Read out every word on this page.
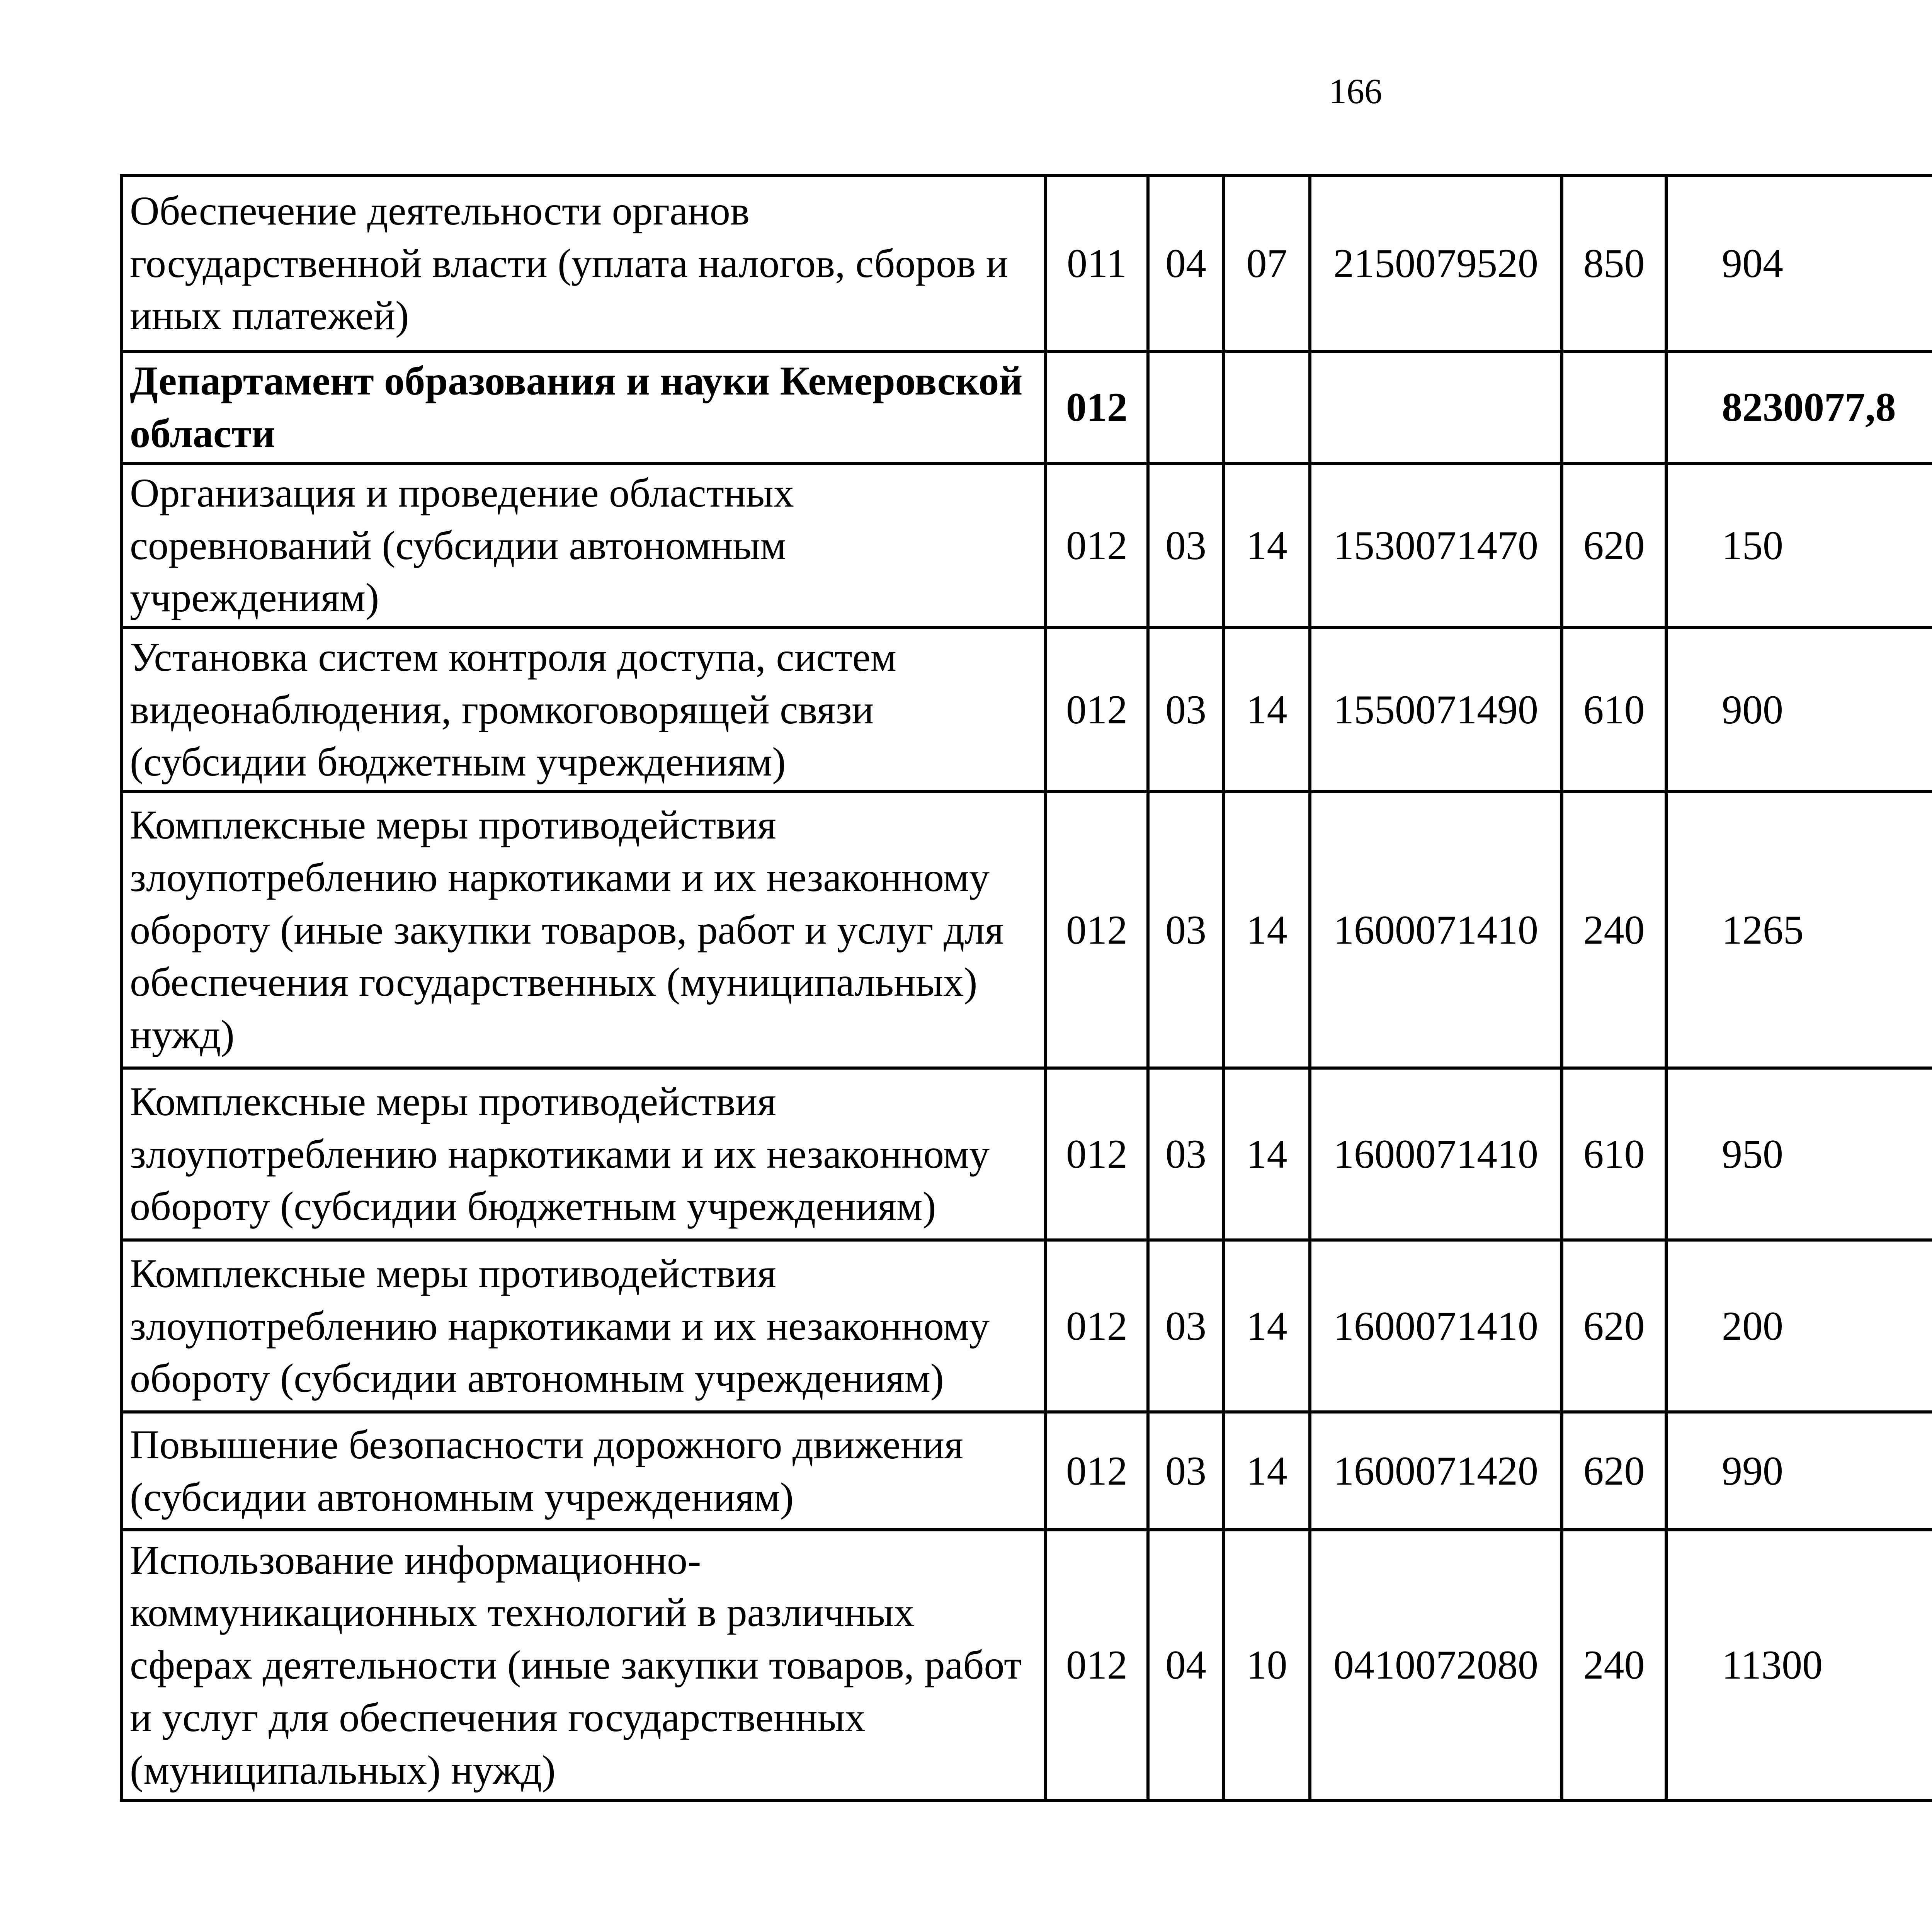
166
Обеспечение деятельности органов государственной власти (уплата налогов, сборов и иных платежей)	011	04	07	2150079520	850	904		
Департамент образования и науки Кемеровской области	012					8230077,8		
Организация и проведение областных соревнований (субсидии автономным учреждениям)	012	03	14	1530071470	620	150		
Установка систем контроля доступа, систем видеонаблюдения, громкоговорящей связи (субсидии бюджетным учреждениям)	012	03	14	1550071490	610	900		
Комплексные меры противодействия злоупотреблению наркотиками и их незаконному обороту (иные закупки товаров, работ и услуг для обеспечения государственных (муниципальных) нужд)	012	03	14	1600071410	240	1265		
Комплексные меры противодействия злоупотреблению наркотиками и их незаконному обороту (субсидии бюджетным учреждениям)	012	03	14	1600071410	610	950		
Комплексные меры противодействия злоупотреблению наркотиками и их незаконному обороту (субсидии автономным учреждениям)	012	03	14	1600071410	620	200		
Повышение безопасности дорожного движения (субсидии автономным учреждениям)	012	03	14	1600071420	620	990		
Использование информационно-коммуникационных технологий в различных сферах деятельности (иные закупки товаров, работ и услуг для обеспечения государственных (муниципальных) нужд)	012	04	10	0410072080	240	11300		
